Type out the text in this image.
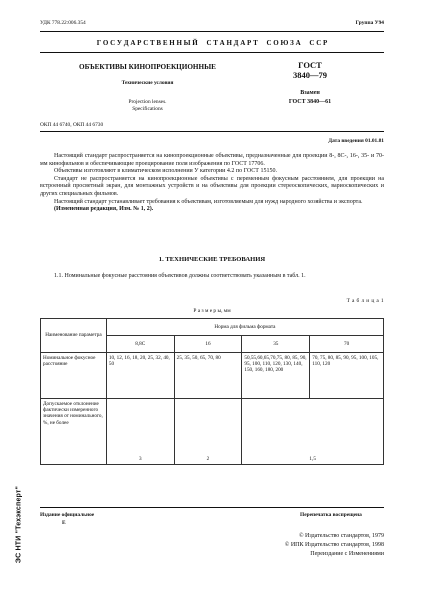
УДК 778.22:006.354	Группа У94
Г О С У Д А Р С Т В Е Н Н Ы Й     С Т А Н Д А Р Т     С О Ю З А     С С Р
ОБЪЕКТИВЫ КИНОПРОЕКЦИОННЫЕ
Технические условия
Projection lenses.
Specifications
ГОСТ
3840—79
Взамен
ГОСТ 3840—61
ОКП 44 6740, ОКП 44 6730
Дата введения 01.01.81

Настоящий стандарт распространяется на кинопроекционные объективы, предназначенные для проекции 8-, 8С-, 16-, 35- и 70-мм кинофильмов и обеспечивающие проецирование поля изображения по ГОСТ 17706.

Объективы изготовляют в климатическом исполнении У категории 4.2 по ГОСТ 15150.

Стандарт не распространяется на кинопроекционные объективы с переменным фокусным расстоянием, для проекции на встроенный просветный экран, для монтажных устройств и на объективы для проекции стереоскопических, вариоскопических и других специальных фильмов.

Настоящий стандарт устанавливает требования к объективам, изготовляемым для нужд народного хозяйства и экспорта.

(Измененная редакция, Изм. № 1, 2).

1. ТЕХНИЧЕСКИЕ ТРЕБОВАНИЯ

1.1. Номинальные фокусные расстояния объективов должны соответствовать указанным в табл. 1.

Т а б л и ц а 1
Р а з м е р ы, мм
Наименование параметра	Норма для фильма формата			
	8,8С	16	35	70
Номинальное фокусное расстояние	10, 12, 16, 18, 20, 25, 32, 40, 50	25, 35, 50, 65, 70, 80	50,55,60,65,70,75, 80, 85, 90, 95, 100, 110, 120, 130, 140, 150, 160, 180, 200	70, 75, 80, 85, 90, 95, 100, 105, 110, 120
Допускаемое отклонение фактически измеренного значения от номинального, %, не более	3	2	1,5	
Издание официальное
Е
Перепечатка воспрещена
© Издательство стандартов, 1979
© ИПК Издательство стандартов, 1998
Переиздание с Изменениями
ЭС НТИ "Техэксперт"
